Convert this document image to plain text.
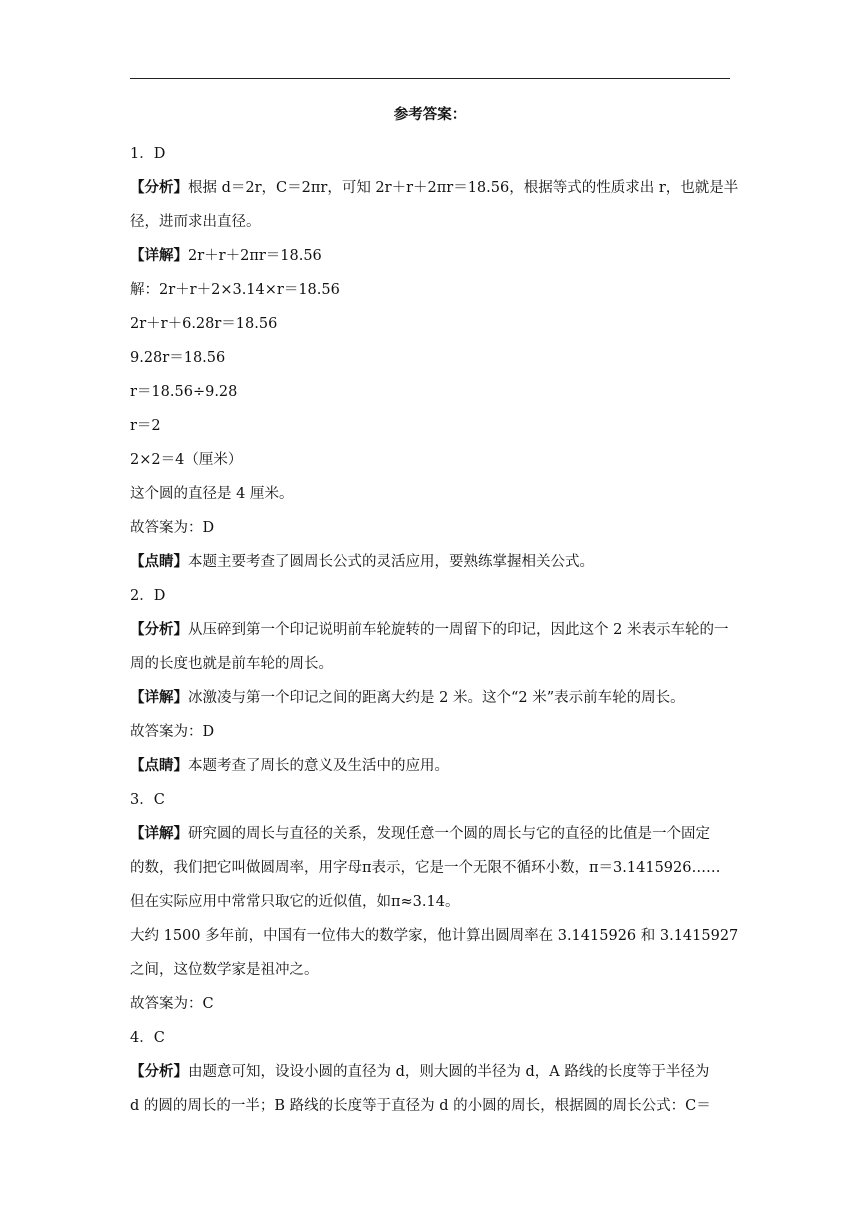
参考答案：
1．D
【分析】根据 d＝2r，C＝2πr，可知 2r＋r＋2πr＝18.56，根据等式的性质求出 r，也就是半
径，进而求出直径。
【详解】2r＋r＋2πr＝18.56
解：2r＋r＋2×3.14×r＝18.56
2r＋r＋6.28r＝18.56
9.28r＝18.56
r＝18.56÷9.28
r＝2
2×2＝4（厘米）
这个圆的直径是 4 厘米。
故答案为：D
【点睛】本题主要考查了圆周长公式的灵活应用，要熟练掌握相关公式。
2．D
【分析】从压碎到第一个印记说明前车轮旋转的一周留下的印记，因此这个 2 米表示车轮的一
周的长度也就是前车轮的周长。
【详解】冰激凌与第一个印记之间的距离大约是 2 米。这个“2 米”表示前车轮的周长。
故答案为：D
【点睛】本题考查了周长的意义及生活中的应用。
3．C
【详解】研究圆的周长与直径的关系，发现任意一个圆的周长与它的直径的比值是一个固定
的数，我们把它叫做圆周率，用字母π表示，它是一个无限不循环小数，π＝3.1415926……
但在实际应用中常常只取它的近似值，如π≈3.14。
大约 1500 多年前，中国有一位伟大的数学家，他计算出圆周率在 3.1415926 和 3.1415927
之间，这位数学家是祖冲之。
故答案为：C
4．C
【分析】由题意可知，设设小圆的直径为 d，则大圆的半径为 d，A 路线的长度等于半径为
d 的圆的周长的一半；B 路线的长度等于直径为 d 的小圆的周长，根据圆的周长公式：C＝
